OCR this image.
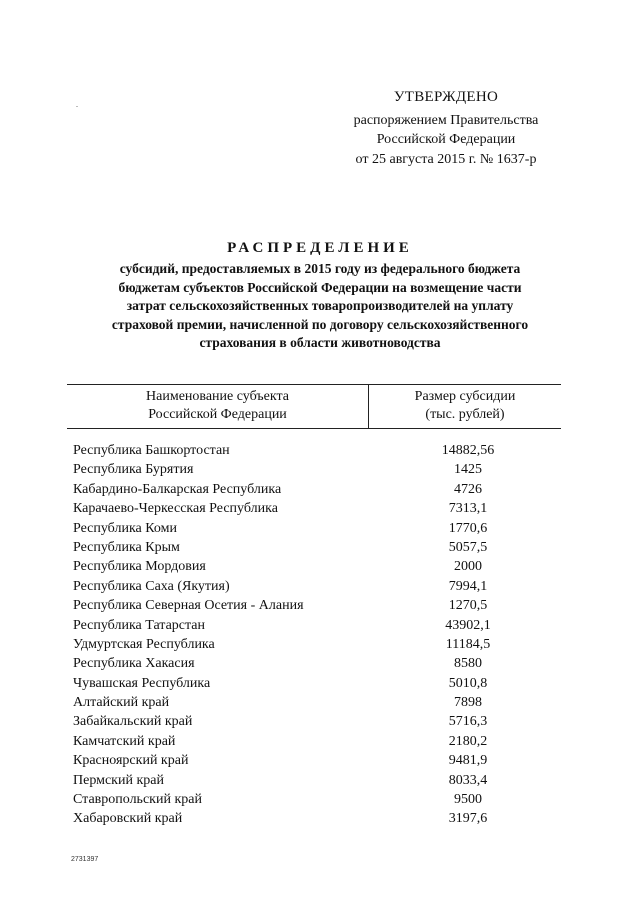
УТВЕРЖДЕНО
распоряжением Правительства
Российской Федерации
от 25 августа 2015 г. № 1637-р
РАСПРЕДЕЛЕНИЕ
субсидий, предоставляемых в 2015 году из федерального бюджета
бюджетам субъектов Российской Федерации на возмещение части
затрат сельскохозяйственных товаропроизводителей на уплату
страховой премии, начисленной по договору сельскохозяйственного
страхования в области животноводства
Наименование субъекта
Российской Федерации
Размер субсидии
(тыс. рублей)
Республика Башкортостан	14882,56
Республика Бурятия	1425
Кабардино-Балкарская Республика	4726
Карачаево-Черкесская Республика	7313,1
Республика Коми	1770,6
Республика Крым	5057,5
Республика Мордовия	2000
Республика Саха (Якутия)	7994,1
Республика Северная Осетия - Алания	1270,5
Республика Татарстан	43902,1
Удмуртская Республика	11184,5
Республика Хакасия	8580
Чувашская Республика	5010,8
Алтайский край	7898
Забайкальский край	5716,3
Камчатский край	2180,2
Красноярский край	9481,9
Пермский край	8033,4
Ставропольский край	9500
Хабаровский край	3197,6
2731397
